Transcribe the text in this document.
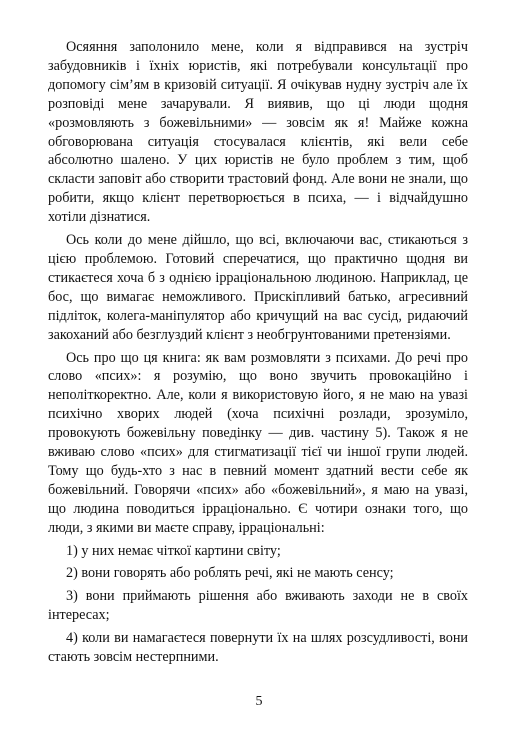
Осяяння заполонило мене, коли я відправився на зустріч забудовників і їхніх юристів, які потребували консультації про допомогу сім’ям в кризовій ситуації. Я очікував нудну зустріч але їх розповіді мене зачарували. Я виявив, що ці люди щодня «розмовляють з божевільними» — зовсім як я! Майже кожна обговорювана ситуація стосувалася клієнтів, які вели себе абсолютно шалено. У цих юристів не було проблем з тим, щоб скласти заповіт або створити трастовий фонд. Але вони не знали, що робити, якщо клієнт перетворюється в психа, — і відчайдушно хотіли дізнатися.

Ось коли до мене дійшло, що всі, включаючи вас, стикаються з цією проблемою. Готовий сперечатися, що практично щодня ви стикаєтеся хоча б з однією ірраціональною людиною. Наприклад, це бос, що вимагає неможливого. Прискіпливий батько, агресивний підліток, колега-маніпулятор або кричущий на вас сусід, ридаючий закоханий або безглуздий клієнт з необгрунтованими претензіями.

Ось про що ця книга: як вам розмовляти з психами. До речі про слово «псих»: я розумію, що воно звучить провокаційно і неполіткоректно. Але, коли я використовую його, я не маю на увазі психічно хворих людей (хоча психічні розлади, зрозуміло, провокують божевільну поведінку — див. частину 5). Також я не вживаю слово «псих» для стигматизації тієї чи іншої групи людей. Тому що будь-хто з нас в певний момент здатний вести себе як божевільний. Говорячи «псих» або «божевільний», я маю на увазі, що людина поводиться ірраціонально. Є чотири ознаки того, що люди, з якими ви маєте справу, ірраціональні:

1) у них немає чіткої картини світу;

2) вони говорять або роблять речі, які не мають сенсу;

3) вони приймають рішення або вживають заходи не в своїх інтересах;

4) коли ви намагаєтеся повернути їх на шлях розсудливості, вони стають зовсім нестерпними.

5
